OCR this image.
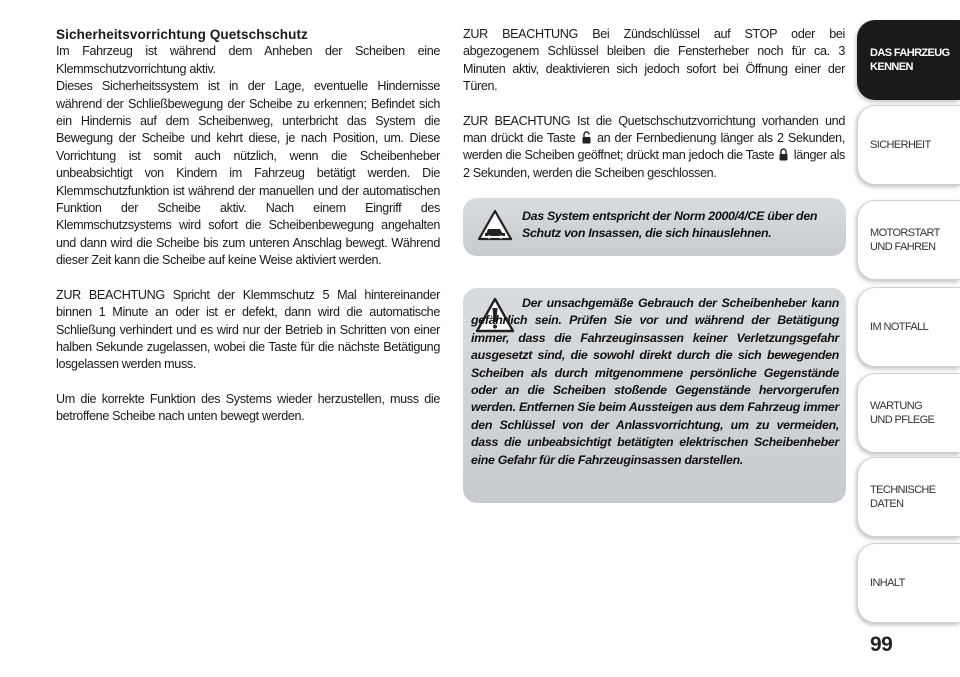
Sicherheitsvorrichtung Quetschschutz

Im Fahrzeug ist während dem Anheben der Scheiben eine Klemmschutzvorrichtung aktiv.

Dieses Sicherheitssystem ist in der Lage, eventuelle Hindernisse während der Schließbewegung der Scheibe zu erkennen; Befindet sich ein Hindernis auf dem Scheibenweg, unterbricht das System die Bewegung der Scheibe und kehrt diese, je nach Position, um. Diese Vorrichtung ist somit auch nützlich, wenn die Scheibenheber unbeabsichtigt von Kindern im Fahrzeug betätigt werden. Die Klemmschutzfunktion ist während der manuellen und der automatischen Funktion der Scheibe aktiv. Nach einem Eingriff des Klemmschutzsystems wird sofort die Scheibenbewegung angehalten und dann wird die Scheibe bis zum unteren Anschlag bewegt. Während dieser Zeit kann die Scheibe auf keine Weise aktiviert werden.

ZUR BEACHTUNG Spricht der Klemmschutz 5 Mal hintereinander binnen 1 Minute an oder ist er defekt, dann wird die automatische Schließung verhindert und es wird nur der Betrieb in Schritten von einer halben Sekunde zugelassen, wobei die Taste für die nächste Betätigung losgelassen werden muss.

Um die korrekte Funktion des Systems wieder herzustellen, muss die betroffene Scheibe nach unten bewegt werden.

ZUR BEACHTUNG Bei Zündschlüssel auf STOP oder bei abgezogenem Schlüssel bleiben die Fensterheber noch für ca. 3 Minuten aktiv, deaktivieren sich jedoch sofort bei Öffnung einer der Türen.

ZUR BEACHTUNG Ist die Quetschschutzvorrichtung vorhanden und man drückt die Taste an der Fernbedienung länger als 2 Sekunden, werden die Scheiben geöffnet; drückt man jedoch die Taste länger als 2 Sekunden, werden die Scheiben geschlossen.

Das System entspricht der Norm 2000/4/CE über den Schutz von Insassen, die sich hinauslehnen.

Der unsachgemäße Gebrauch der Scheibenheber kann gefährlich sein. Prüfen Sie vor und während der Betätigung immer, dass die Fahrzeuginsassen keiner Verletzungsgefahr ausgesetzt sind, die sowohl direkt durch die sich bewegenden Scheiben als durch mitgenommene persönliche Gegenstände oder an die Scheiben stoßende Gegenstände hervorgerufen werden. Entfernen Sie beim Aussteigen aus dem Fahrzeug immer den Schlüssel von der Anlassvorrichtung, um zu vermeiden, dass die unbeabsichtigt betätigten elektrischen Scheibenheber eine Gefahr für die Fahrzeuginsassen darstellen.

DAS FAHRZEUG
KENNEN
SICHERHEIT
MOTORSTART
UND FAHREN
IM NOTFALL
WARTUNG
UND PFLEGE
TECHNISCHE
DATEN
INHALT
99
